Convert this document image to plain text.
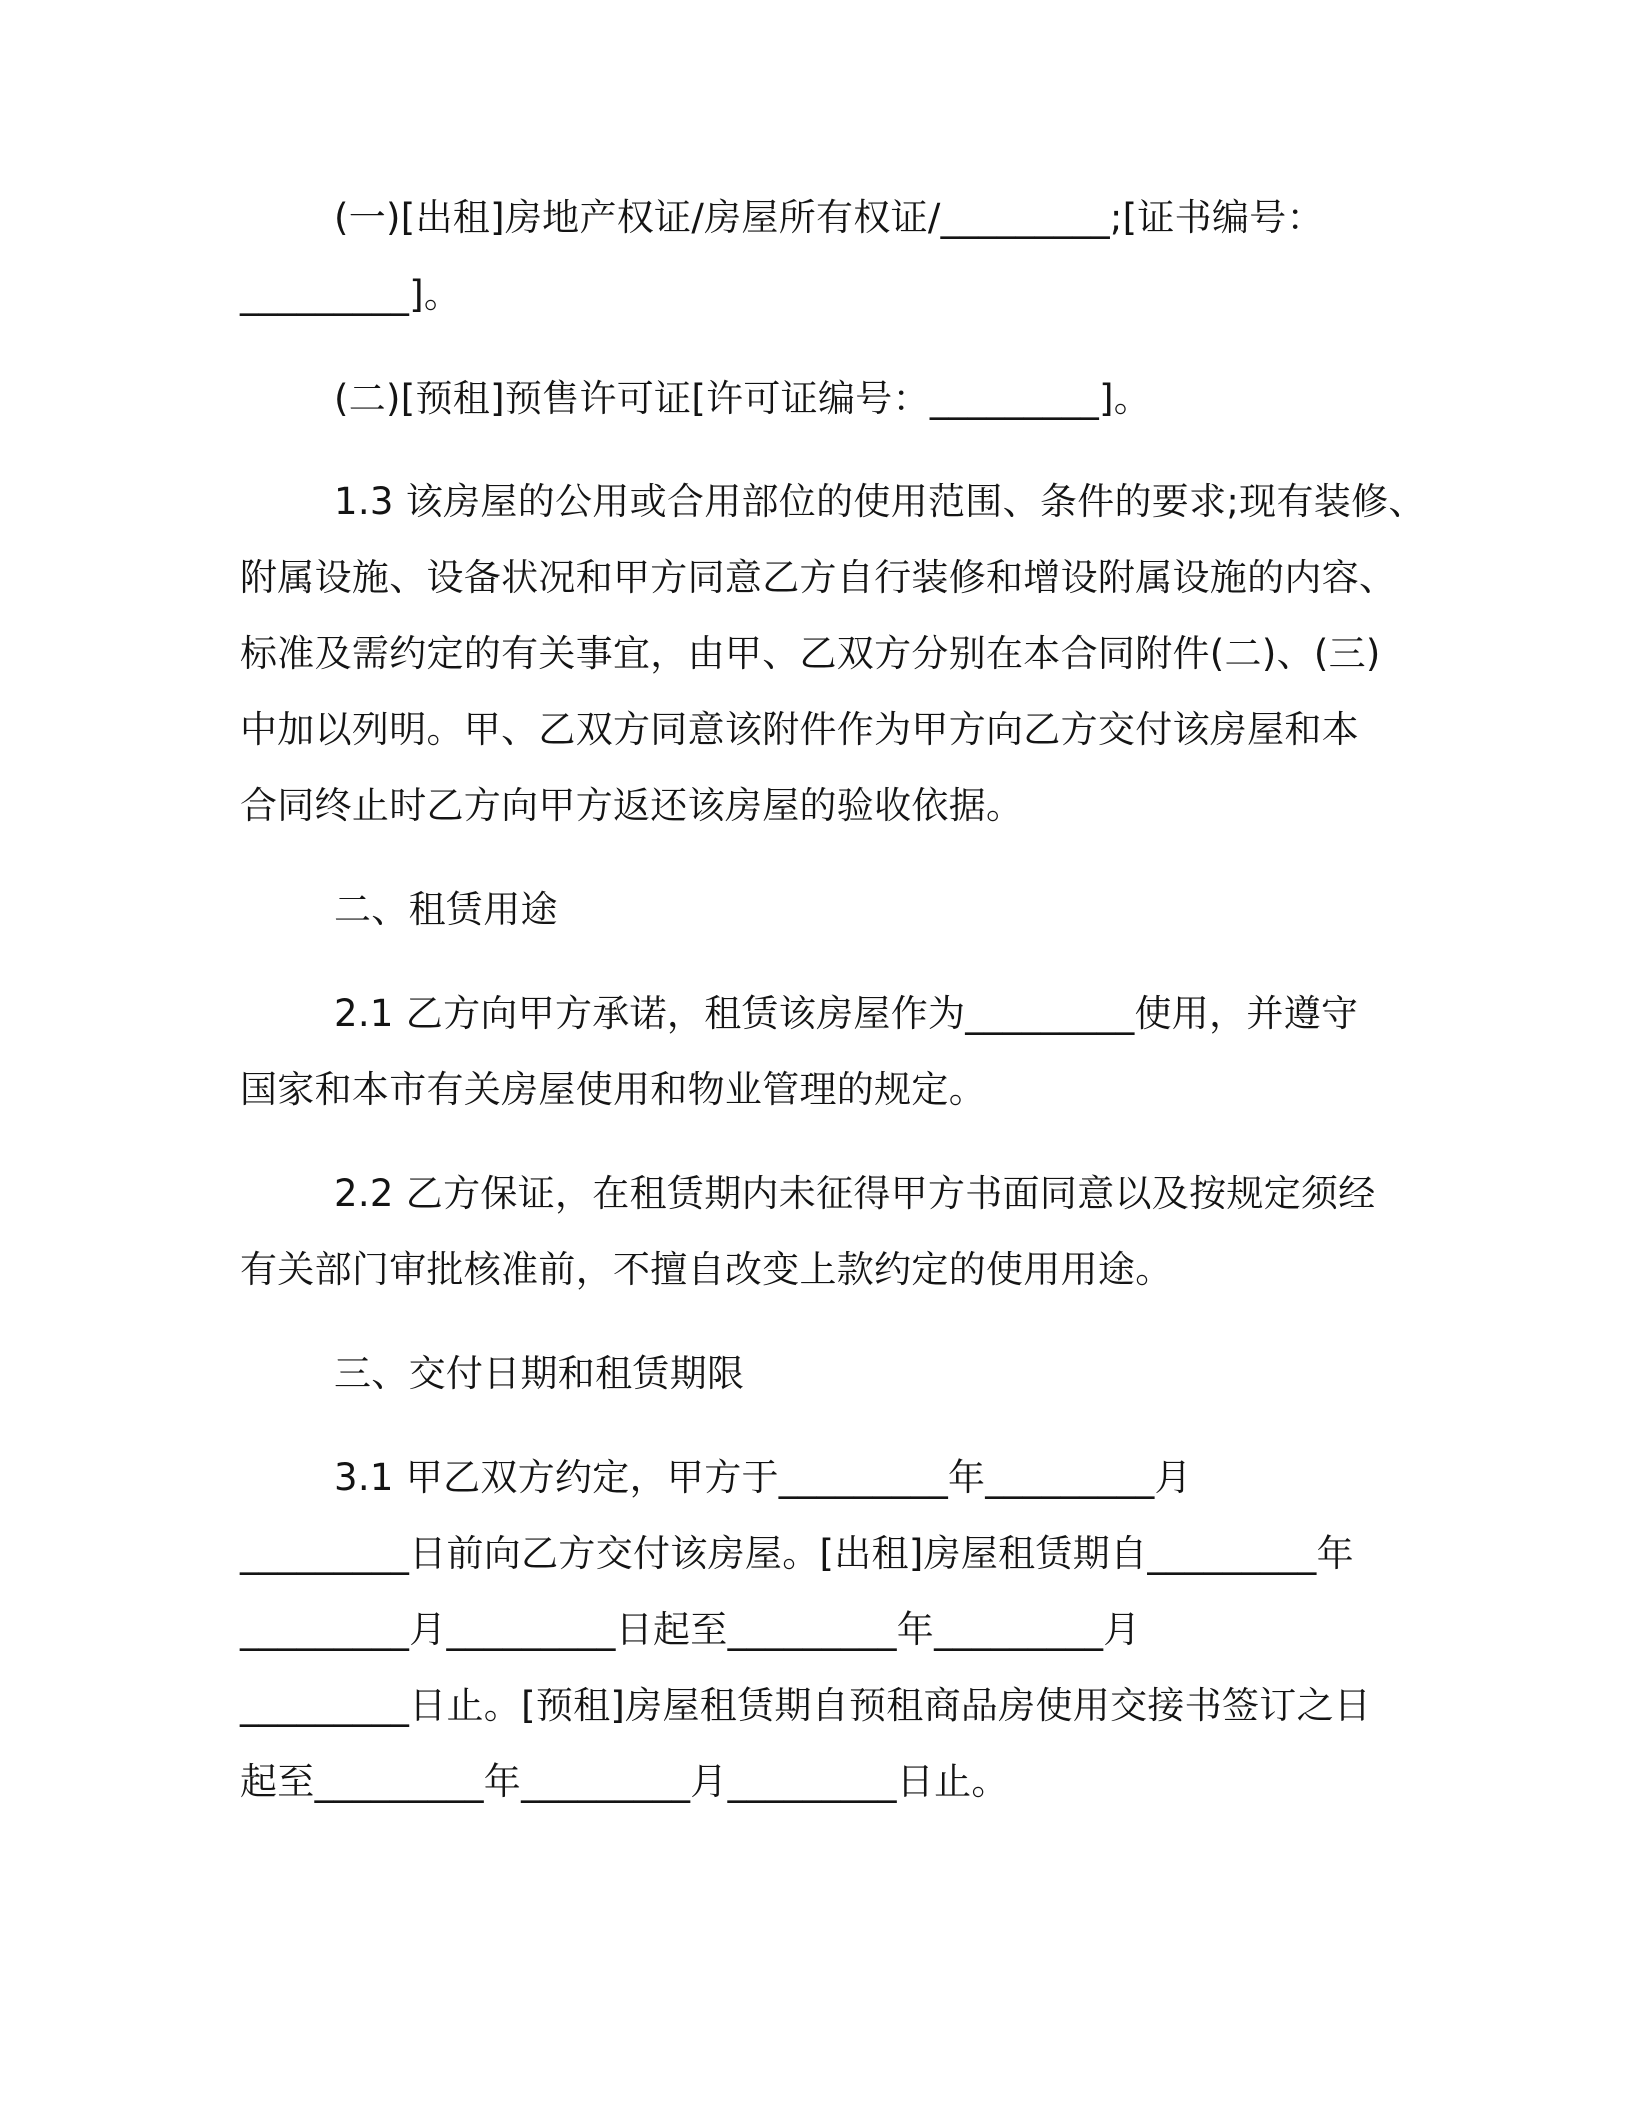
(一)[出租]房地产权证/房屋所有权证/_________;[证书编号：
_________]。
(二)[预租]预售许可证[许可证编号：_________]。
1.3 该房屋的公用或合用部位的使用范围、条件的要求;现有装修、
附属设施、设备状况和甲方同意乙方自行装修和增设附属设施的内容、
标准及需约定的有关事宜，由甲、乙双方分别在本合同附件(二)、(三)
中加以列明。甲、乙双方同意该附件作为甲方向乙方交付该房屋和本
合同终止时乙方向甲方返还该房屋的验收依据。
二、租赁用途
2.1 乙方向甲方承诺，租赁该房屋作为_________使用，并遵守
国家和本市有关房屋使用和物业管理的规定。
2.2 乙方保证，在租赁期内未征得甲方书面同意以及按规定须经
有关部门审批核准前，不擅自改变上款约定的使用用途。
三、交付日期和租赁期限
3.1 甲乙双方约定，甲方于_________年_________月
_________日前向乙方交付该房屋。[出租]房屋租赁期自_________年
_________月_________日起至_________年_________月
_________日止。[预租]房屋租赁期自预租商品房使用交接书签订之日
起至_________年_________月_________日止。
